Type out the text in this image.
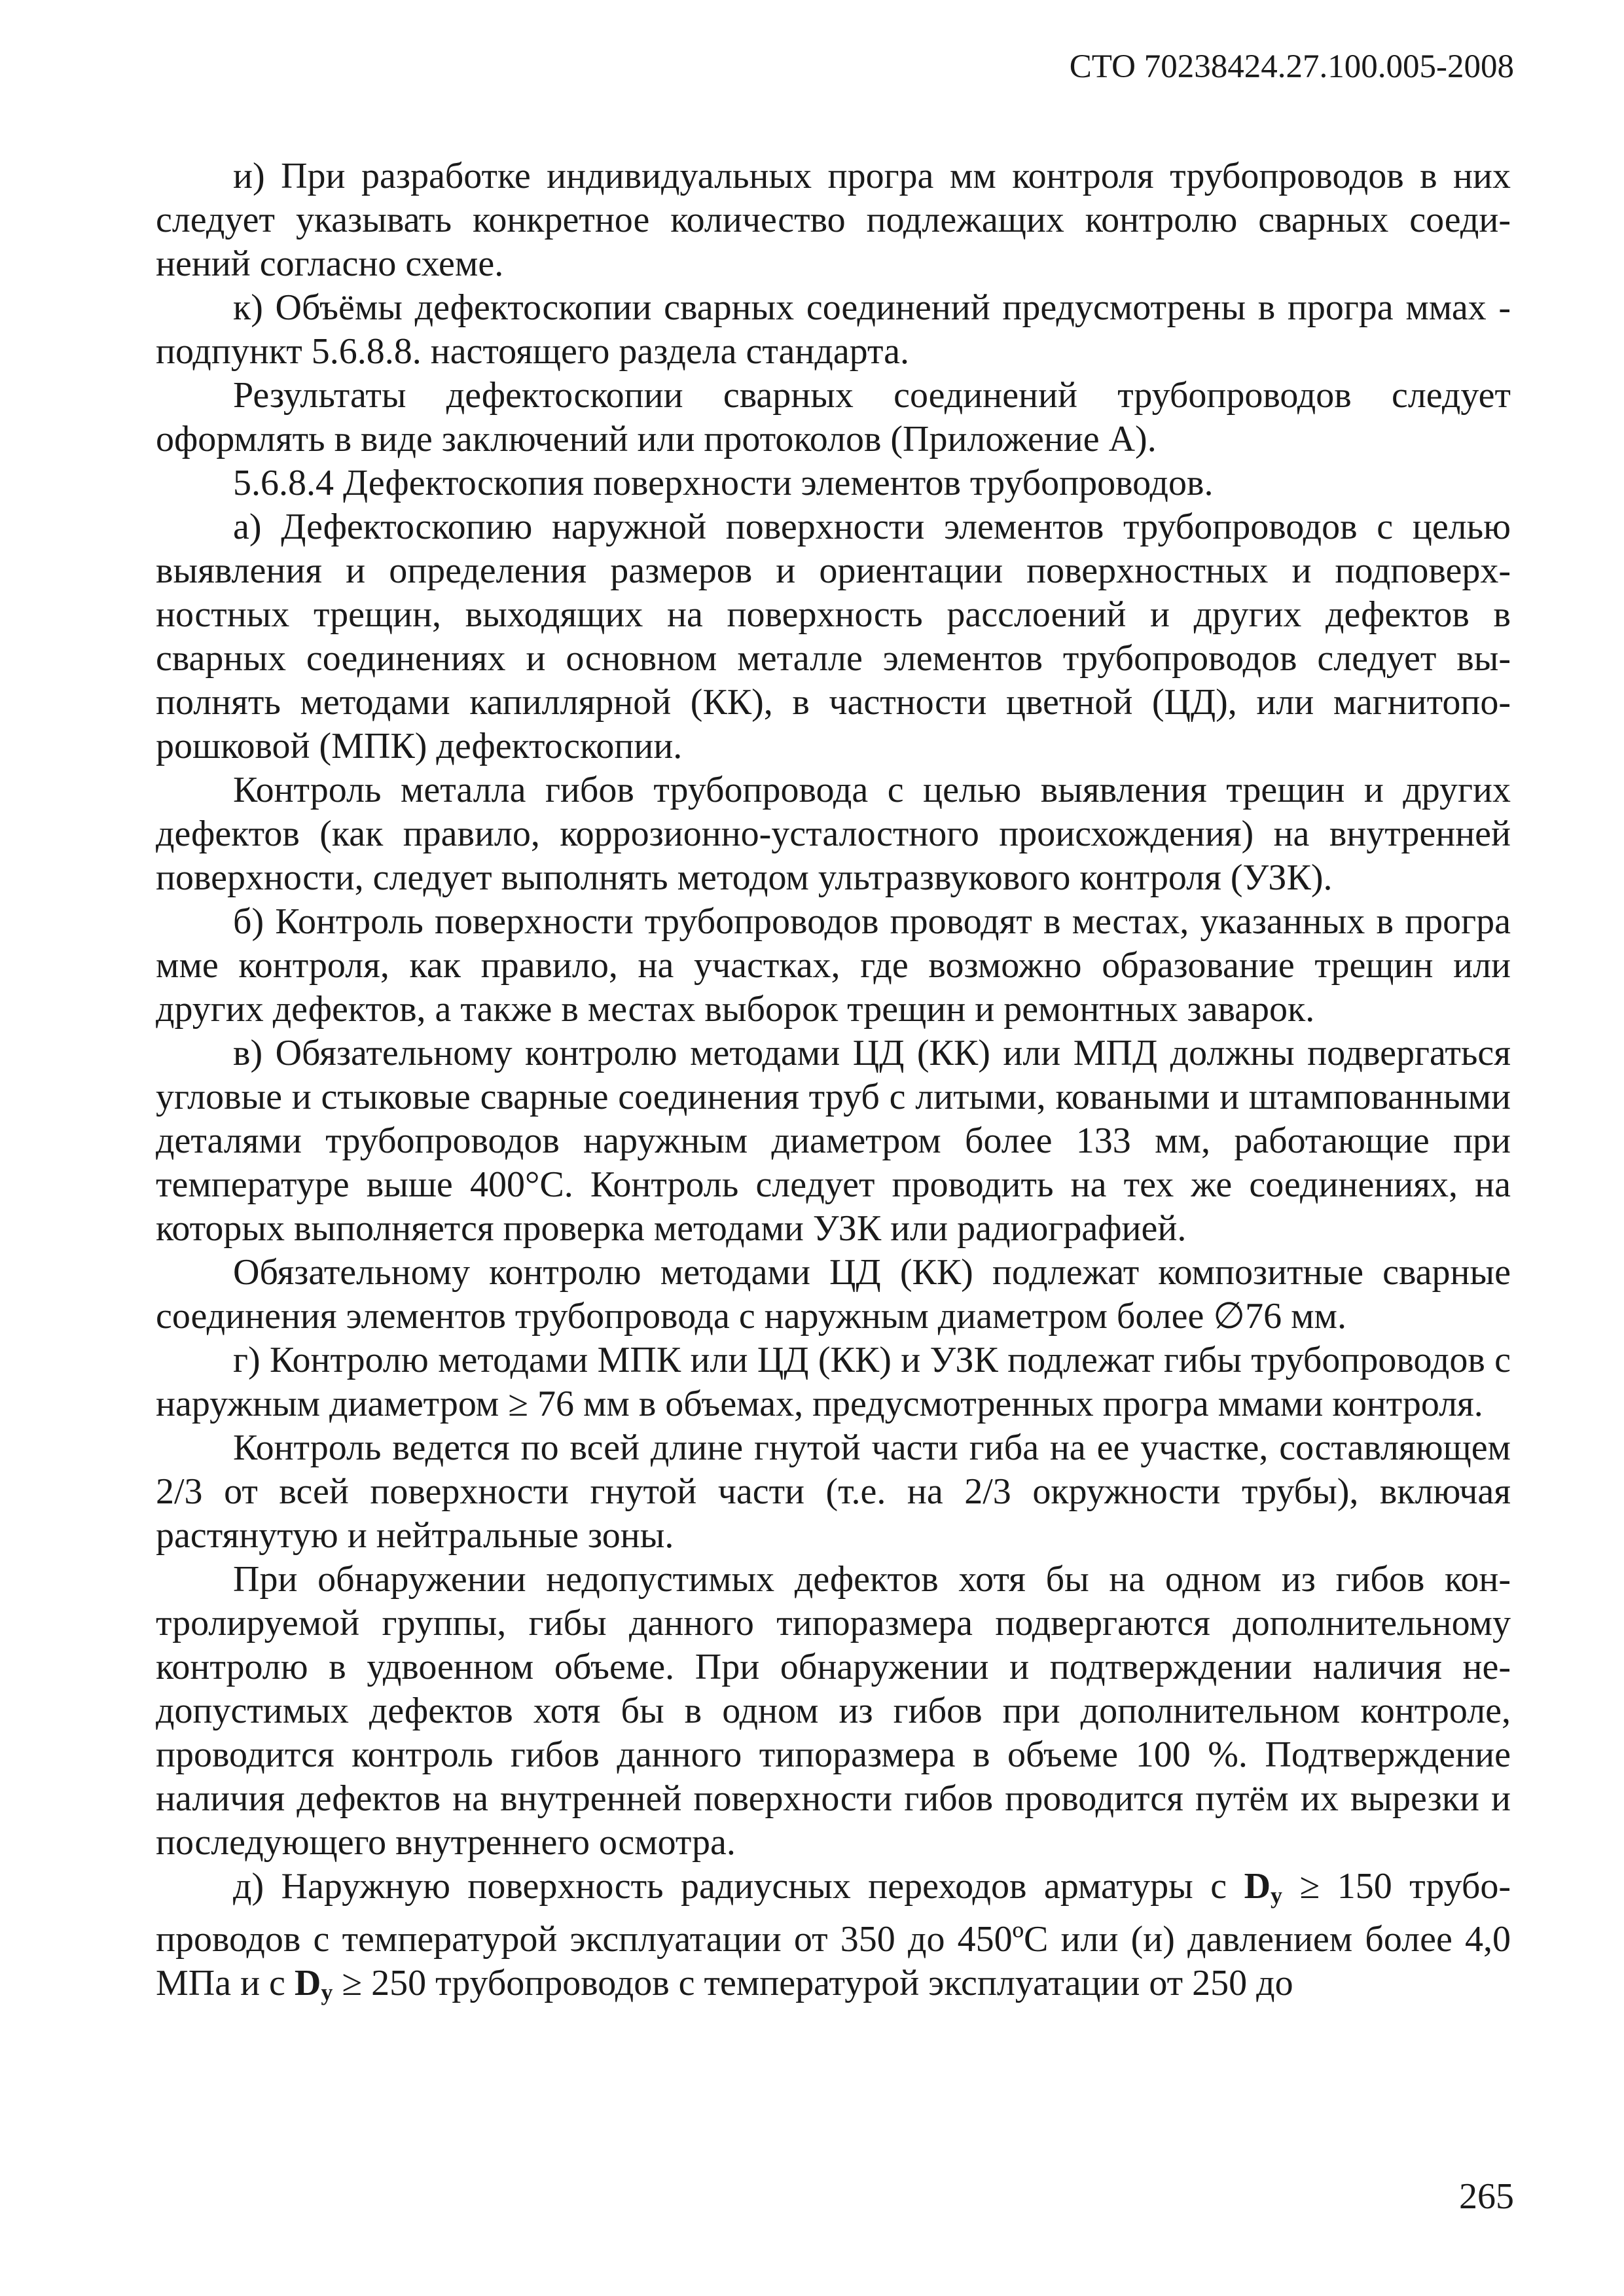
СТО 70238424.27.100.005-2008

и) При разработке индивидуальных програ мм контроля трубопроводов в них следует указывать конкретное количество подлежащих контролю сварных соединений согласно схеме.

к) Объёмы дефектоскопии сварных соединений предусмотрены в програ ммах - подпункт 5.6.8.8. настоящего раздела стандарта.

Результаты дефектоскопии сварных соединений трубопроводов следует оформлять в виде заключений или протоколов (Приложение А).

5.6.8.4 Дефектоскопия поверхности элементов трубопроводов.

а) Дефектоскопию наружной поверхности элементов трубопроводов с целью выявления и определения размеров и ориентации поверхностных и подповерхностных трещин, выходящих на поверхность расслоений и других дефектов в сварных соединениях и основном металле элементов трубопроводов следует выполнять методами капиллярной (КК), в частности цветной (ЦД), или магнитопорошковой (МПК) дефектоскопии.

Контроль металла гибов трубопровода с целью выявления трещин и других дефектов (как правило, коррозионно-усталостного происхождения) на внутренней поверхности, следует выполнять методом ультразвукового контроля (УЗК).

б) Контроль поверхности трубопроводов проводят в местах, указанных в програ мме контроля, как правило, на участках, где возможно образование трещин или других дефектов, а также в местах выборок трещин и ремонтных заварок.

в) Обязательному контролю методами ЦД (КК) или МПД должны подвергаться угловые и стыковые сварные соединения труб с литыми, коваными и штампованными деталями трубопроводов наружным диаметром более 133 мм, работающие при температуре выше 400°С. Контроль следует проводить на тех же соединениях, на которых выполняется проверка методами УЗК или радиографией.

Обязательному контролю методами ЦД (КК) подлежат композитные сварные соединения элементов трубопровода с наружным диаметром более ∅76 мм.

г) Контролю методами МПК или ЦД (КК) и УЗК подлежат гибы трубопроводов с наружным диаметром ≥ 76 мм в объемах, предусмотренных програ ммами контроля.

Контроль ведется по всей длине гнутой части гиба на ее участке, составляющем 2/3 от всей поверхности гнутой части (т.е. на 2/3 окружности трубы), включая растянутую и нейтральные зоны.

При обнаружении недопустимых дефектов хотя бы на одном из гибов контролируемой группы, гибы данного типоразмера подвергаются дополнительному контролю в удвоенном объеме. При обнаружении и подтверждении наличия недопустимых дефектов хотя бы в одном из гибов при дополнительном контроле, проводится контроль гибов данного типоразмера в объеме 100 %. Подтверждение наличия дефектов на внутренней поверхности гибов проводится путём их вырезки и последующего внутреннего осмотра.

д) Наружную поверхность радиусных переходов арматуры с $D_у \ge 150$ трубопроводов с температурой эксплуатации от 350 до 450ºС или (и) давлением более 4,0 МПа и с $D_у \ge 250$ трубопроводов с температурой эксплуатации от 250 до

265
